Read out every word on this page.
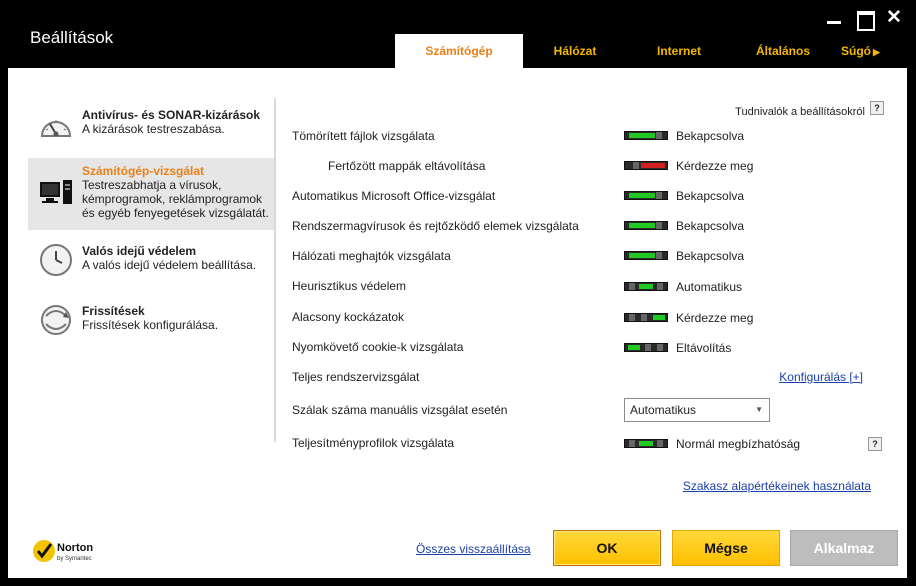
Beállítások
✕
Számítógép	Hálózat	Internet	Általános	Súgó ▶
Antivírus- és SONAR-kizárások
A kizárások testreszabása.
Számítógép-vizsgálat
Testreszabhatja a vírusok, kémprogramok, reklámprogramok és egyéb fenyegetések vizsgálatát.
Valós idejű védelem
A valós idejű védelem beállítása.
Frissítések
Frissítések konfigurálása.
Tudnivalók a beállításokról	?
Tömörített fájlok vizsgálata	Bekapcsolva
Fertőzött mappák eltávolítása	Kérdezze meg
Automatikus Microsoft Office-vizsgálat	Bekapcsolva
Rendszermagvírusok és rejtőzködő elemek vizsgálata	Bekapcsolva
Hálózati meghajtók vizsgálata	Bekapcsolva
Heurisztikus védelem	Automatikus
Alacsony kockázatok	Kérdezze meg
Nyomkövető cookie-k vizsgálata	Eltávolítás
Teljes rendszervizsgálat	Konfigurálás [+]
Szálak száma manuális vizsgálat esetén	Automatikus	▼
Teljesítményprofilok vizsgálata	Normál megbízhatóság	?
Szakasz alapértékeinek használata
Norton
by Symantec
Összes visszaállítása	OK	Mégse	Alkalmaz
